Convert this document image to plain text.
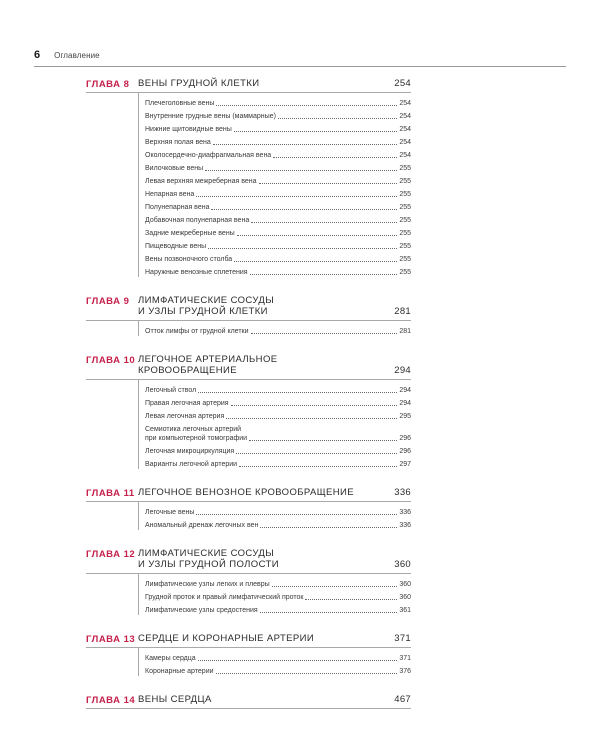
6 Оглавление
ГЛАВА 8 ВЕНЫ ГРУДНОЙ КЛЕТКИ	254
Плечеголовные вены	254
Внутренние грудные вены (маммарные)	254
Нижние щитовидные вены	254
Верхняя полая вена	254
Околосердечно-диафрагмальная вена	254
Вилочковые вены	255
Левая верхняя межреберная вена	255
Непарная вена	255
Полунепарная вена	255
Добавочная полунепарная вена	255
Задние межреберные вены	255
Пищеводные вены	255
Вены позвоночного столба	255
Наружные венозные сплетения	255
ГЛАВА 9 ЛИМФАТИЧЕСКИЕ СОСУДЫ
И УЗЛЫ ГРУДНОЙ КЛЕТКИ	281
Отток лимфы от грудной клетки	281
ГЛАВА 10 ЛЕГОЧНОЕ АРТЕРИАЛЬНОЕ
КРОВООБРАЩЕНИЕ	294
Легочный ствол	294
Правая легочная артерия	294
Левая легочная артерия	295
Семиотика легочных артерий
при компьютерной томографии	296
Легочная микроциркуляция	296
Варианты легочной артерии	297
ГЛАВА 11 ЛЕГОЧНОЕ ВЕНОЗНОЕ КРОВООБРАЩЕНИЕ	336
Легочные вены	336
Аномальный дренаж легочных вен	336
ГЛАВА 12 ЛИМФАТИЧЕСКИЕ СОСУДЫ
И УЗЛЫ ГРУДНОЙ ПОЛОСТИ	360
Лимфатические узлы легких и плевры	360
Грудной проток и правый лимфатический проток	360
Лимфатические узлы средостения	361
ГЛАВА 13 СЕРДЦЕ И КОРОНАРНЫЕ АРТЕРИИ	371
Камеры сердца	371
Коронарные артерии	376
ГЛАВА 14 ВЕНЫ СЕРДЦА	467
